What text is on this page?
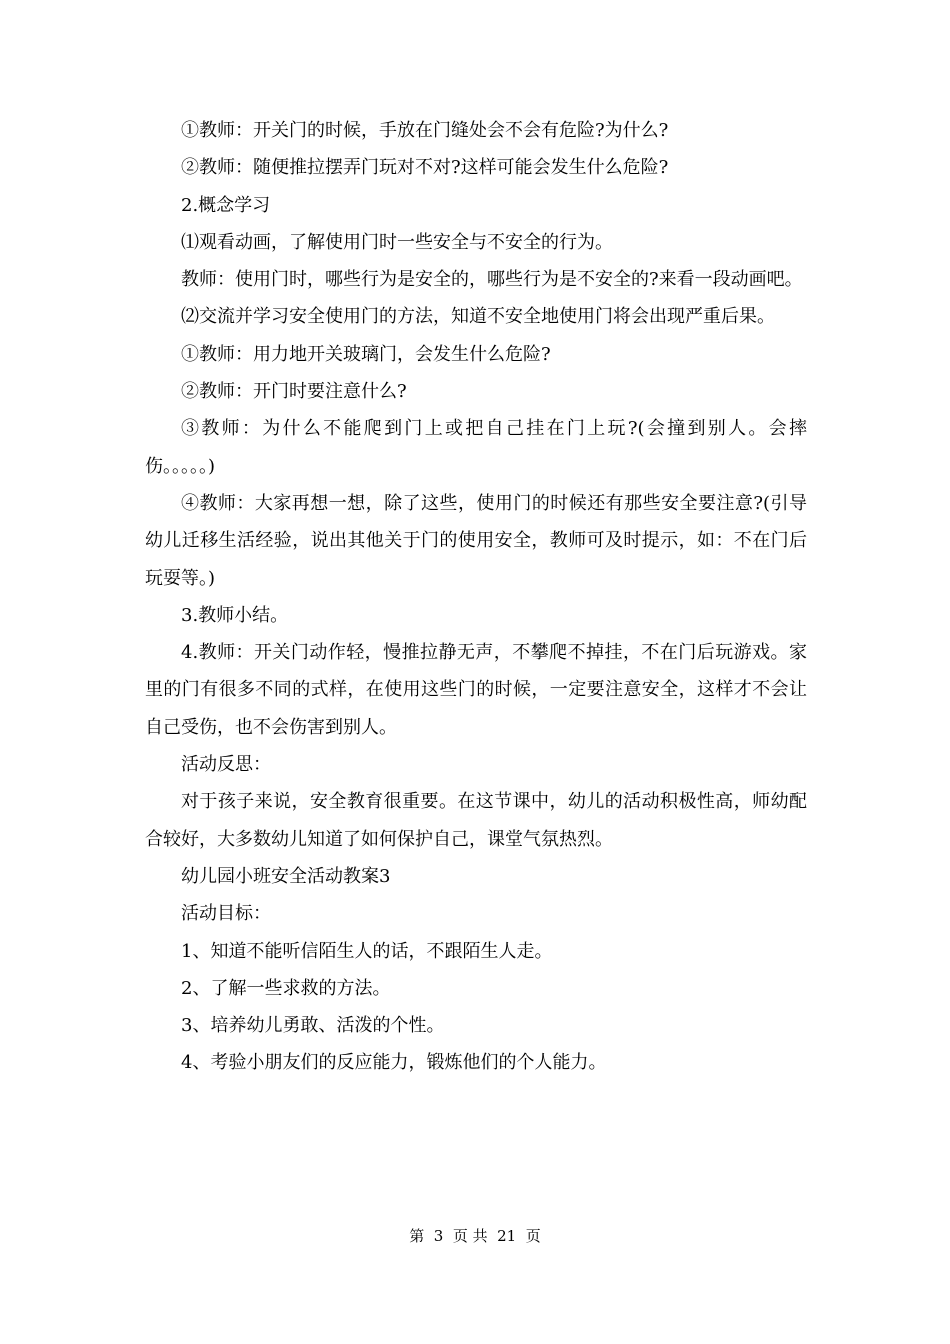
①教师：开关门的时候，手放在门缝处会不会有危险?为什么?

②教师：随便推拉摆弄门玩对不对?这样可能会发生什么危险?

2.概念学习

⑴观看动画，了解使用门时一些安全与不安全的行为。

教师：使用门时，哪些行为是安全的，哪些行为是不安全的?来看一段动画吧。

⑵交流并学习安全使用门的方法，知道不安全地使用门将会出现严重后果。

①教师：用力地开关玻璃门，会发生什么危险?

②教师：开门时要注意什么?

③教师：为什么不能爬到门上或把自己挂在门上玩?(会撞到别人。会摔伤。。。。。)

④教师：大家再想一想，除了这些，使用门的时候还有那些安全要注意?(引导幼儿迁移生活经验，说出其他关于门的使用安全，教师可及时提示，如：不在门后玩耍等。)

3.教师小结。

4.教师：开关门动作轻，慢推拉静无声，不攀爬不掉挂，不在门后玩游戏。家里的门有很多不同的式样，在使用这些门的时候，一定要注意安全，这样才不会让自己受伤，也不会伤害到别人。

活动反思：

对于孩子来说，安全教育很重要。在这节课中，幼儿的活动积极性高，师幼配合较好，大多数幼儿知道了如何保护自己，课堂气氛热烈。

幼儿园小班安全活动教案3

活动目标：

1、知道不能听信陌生人的话，不跟陌生人走。

2、了解一些求救的方法。

3、培养幼儿勇敢、活泼的个性。

4、考验小朋友们的反应能力，锻炼他们的个人能力。

第  3  页 共  21  页
